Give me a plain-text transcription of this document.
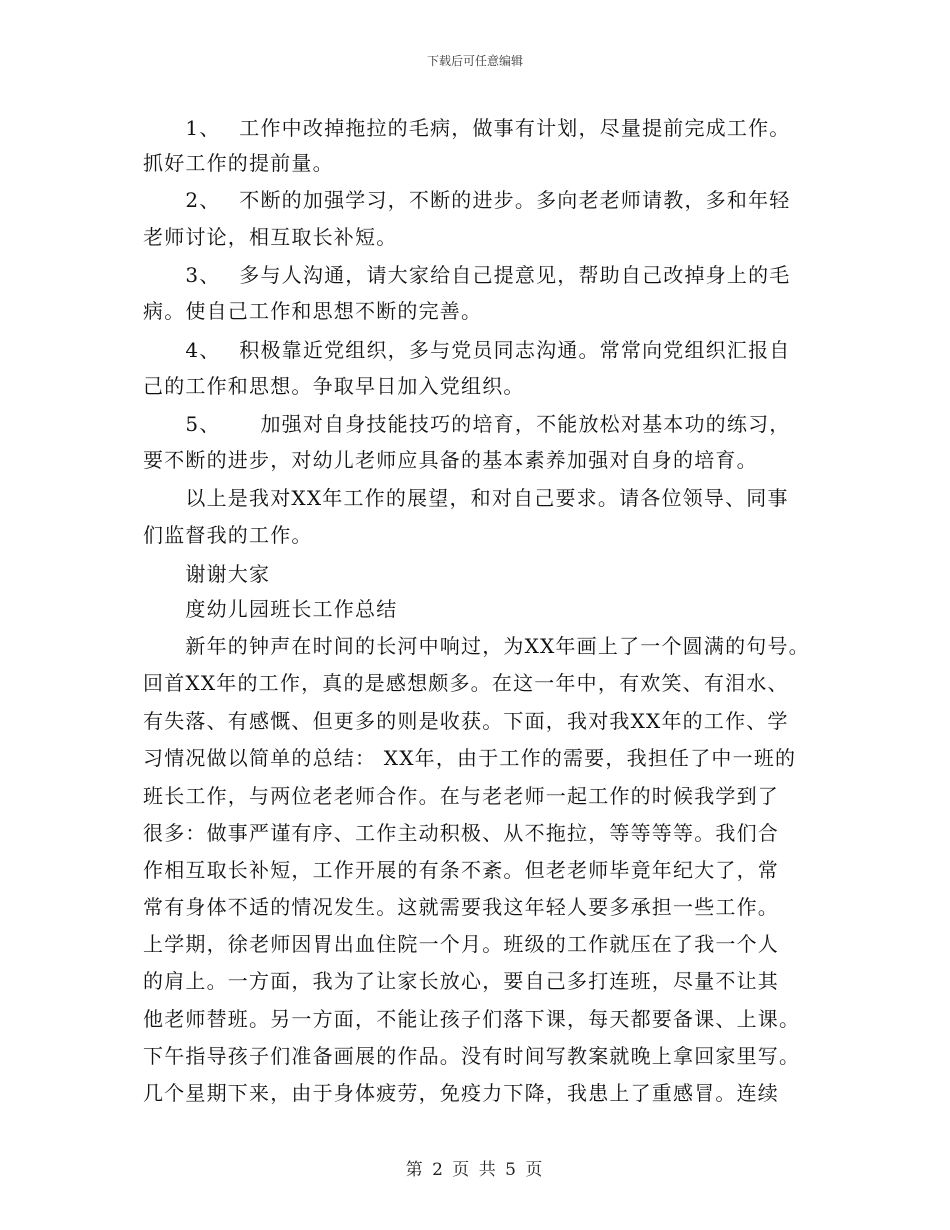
下载后可任意编辑
　　1、　 工作中改掉拖拉的毛病，做事有计划，尽量提前完成工作。
抓好工作的提前量。
　　2、　 不断的加强学习，不断的进步。多向老老师请教，多和年轻
老师讨论，相互取长补短。
　　3、　 多与人沟通，请大家给自己提意见，帮助自己改掉身上的毛
病。使自己工作和思想不断的完善。
　　4、　 积极靠近党组织，多与党员同志沟通。常常向党组织汇报自
己的工作和思想。争取早日加入党组织。
　　5、　　 加强对自身技能技巧的培育，不能放松对基本功的练习，
要不断的进步，对幼儿老师应具备的基本素养加强对自身的培育。
　　以上是我对XX年工作的展望，和对自己要求。请各位领导、同事
们监督我的工作。
　　谢谢大家
　　度幼儿园班长工作总结
　　新年的钟声在时间的长河中响过，为XX年画上了一个圆满的句号。
回首XX年的工作，真的是感想颇多。在这一年中，有欢笑、有泪水、
有失落、有感慨、但更多的则是收获。下面，我对我XX年的工作、学
习情况做以简单的总结： XX年，由于工作的需要，我担任了中一班的
班长工作，与两位老老师合作。在与老老师一起工作的时候我学到了
很多：做事严谨有序、工作主动积极、从不拖拉，等等等等。我们合
作相互取长补短，工作开展的有条不紊。但老老师毕竟年纪大了，常
常有身体不适的情况发生。这就需要我这年轻人要多承担一些工作。
上学期，徐老师因胃出血住院一个月。班级的工作就压在了我一个人
的肩上。一方面，我为了让家长放心，要自己多打连班，尽量不让其
他老师替班。另一方面，不能让孩子们落下课，每天都要备课、上课。
下午指导孩子们准备画展的作品。没有时间写教案就晚上拿回家里写。
几个星期下来，由于身体疲劳，免疫力下降，我患上了重感冒。连续
第 2 页 共 5 页
